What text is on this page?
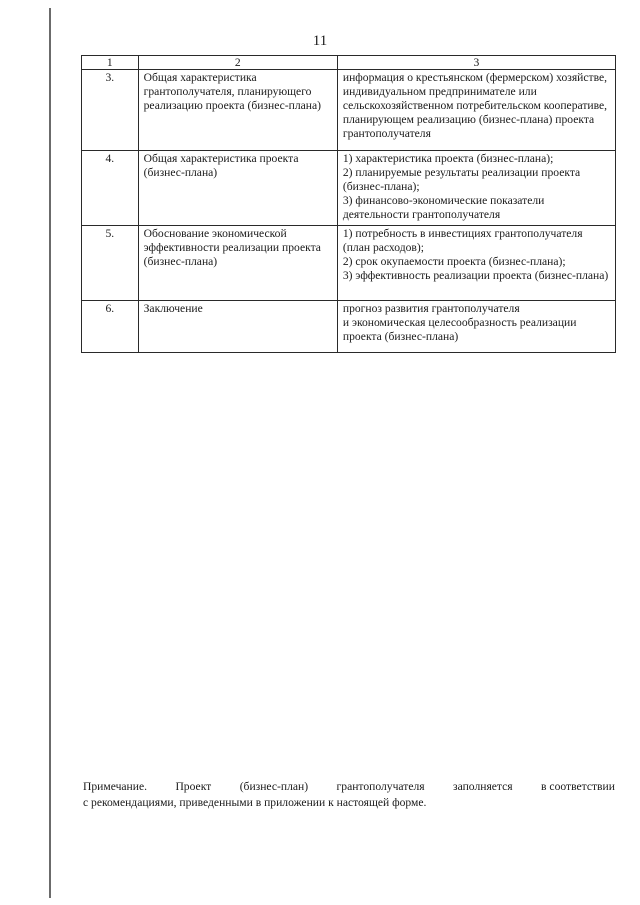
11
1	2	3
3.	Общая характеристика грантополучателя, планирующего реализацию проекта (бизнес-плана)	информация о крестьянском (фермерском) хозяйстве, индивидуальном предпринимателе или сельскохозяйственном потребительском кооперативе, планирующем реализацию (бизнес-плана) проекта грантополучателя

4.	Общая характеристика проекта (бизнес-плана)	1) характеристика проекта (бизнес-плана);
2) планируемые результаты реализации проекта (бизнес-плана);
3) финансово-экономические показатели деятельности грантополучателя

5.	Обоснование экономической эффективности реализации проекта (бизнес-плана)	1) потребность в инвестициях грантополучателя (план расходов);
2) срок окупаемости проекта (бизнес-плана);
3) эффективность реализации проекта (бизнес-плана)

6.	Заключение	прогноз развития грантополучателя
и экономическая целесообразность реализации проекта (бизнес-плана)
Примечание. Проект (бизнес-план) грантополучателя заполняется в соответствии
с рекомендациями, приведенными в приложении к настоящей форме.
